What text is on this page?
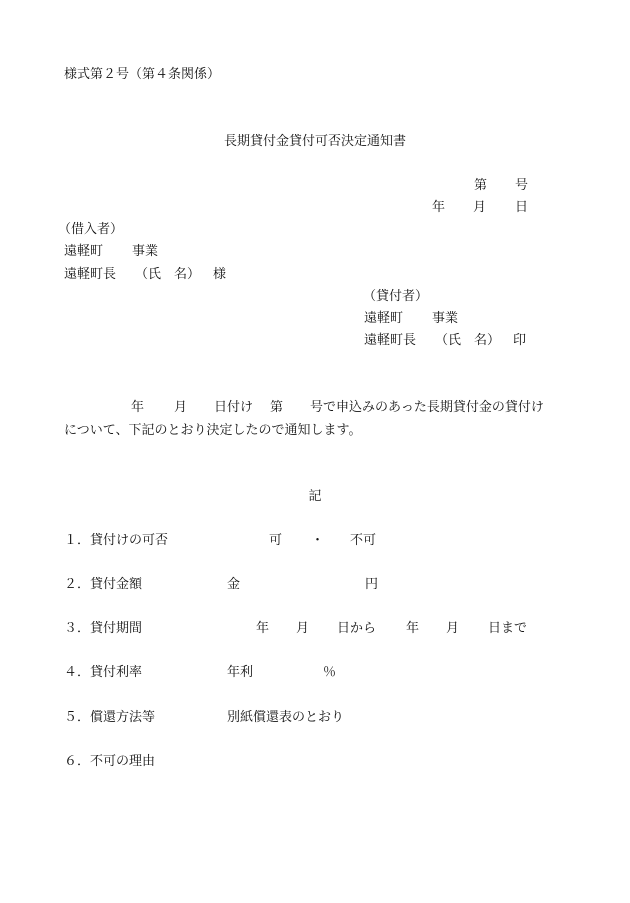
様式第２号（第４条関係）
長期貸付金貸付可否決定通知書
第 号
年 月 日
（借入者）
遠軽町 事業
遠軽町長 （氏　名） 様
（貸付者）
遠軽町 事業
遠軽町長 （氏　名） 印
年 月 日付け 第 号で申込みのあった長期貸付金の貸付け
について、下記のとおり決定したので通知します。
記
１．貸付けの可否	可 ・ 不可
２．貸付金額	金	円
３．貸付期間	年 月 日から 年 月 日まで
４．貸付利率	年利	％
５．償還方法等	別紙償還表のとおり
６．不可の理由
